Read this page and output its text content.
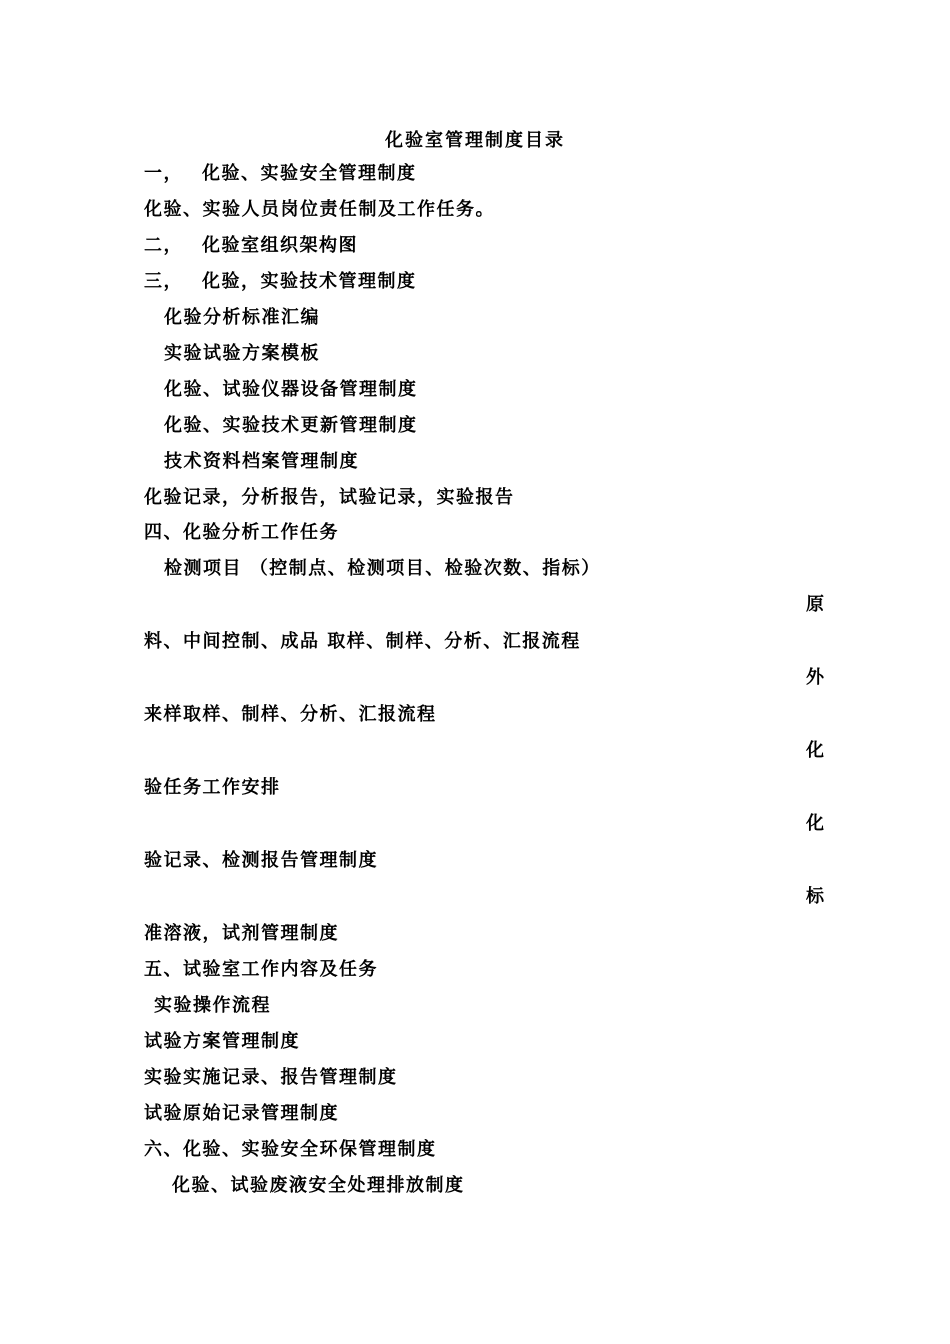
化验室管理制度目录
一， 化验、实验安全管理制度
化验、实验人员岗位责任制及工作任务。
二， 化验室组织架构图
三， 化验，实验技术管理制度
化验分析标准汇编
实验试验方案模板
化验、试验仪器设备管理制度
化验、实验技术更新管理制度
技术资料档案管理制度
化验记录，分析报告，试验记录，实验报告
四、化验分析工作任务
检测项目 （控制点、检测项目、检验次数、指标）
原
料、中间控制、成品 取样、制样、分析、汇报流程
外
来样取样、制样、分析、汇报流程
化
验任务工作安排
化
验记录、检测报告管理制度
标
准溶液，试剂管理制度
五、试验室工作内容及任务
实验操作流程
试验方案管理制度
实验实施记录、报告管理制度
试验原始记录管理制度
六、化验、实验安全环保管理制度
化验、试验废液安全处理排放制度
